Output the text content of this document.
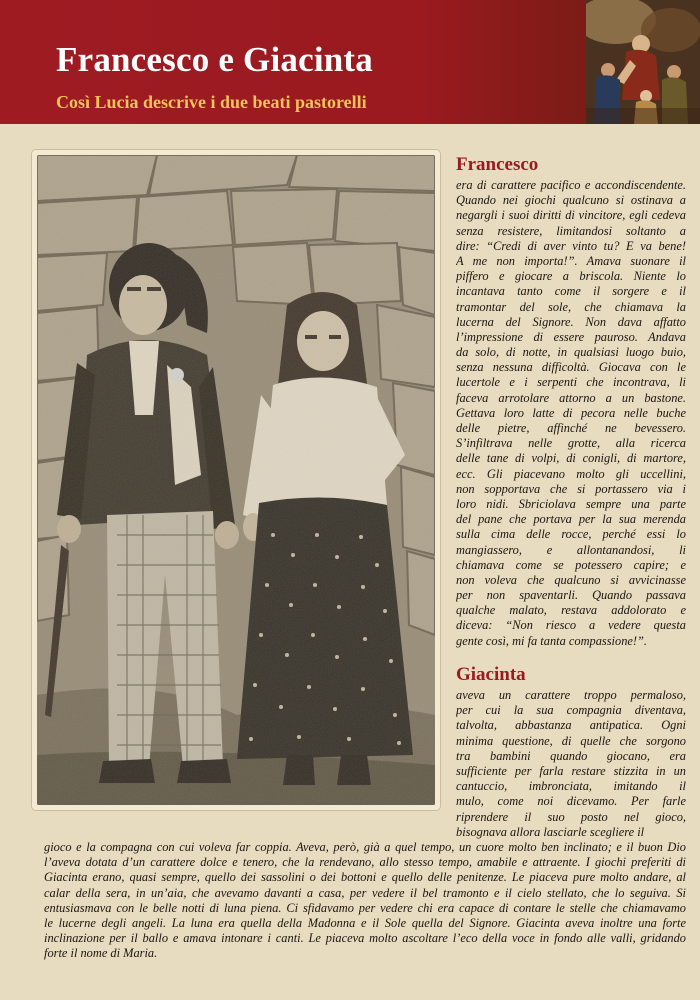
Francesco e Giacinta
Così Lucia descrive i due beati pastorelli
Francesco
era di carattere pacifico e accondiscendente.
Quando nei giochi qualcuno si ostinava a
negargli i suoi diritti di vincitore, egli cedeva
senza resistere, limitandosi soltanto a
dire: “Credi di aver vinto tu? E va bene!
A me non importa!”. Amava suonare il
piffero e giocare a briscola. Niente lo
incantava tanto come il sorgere e il
tramontar del sole, che chiamava la
lucerna del Signore. Non dava affatto
l’impressione di essere pauroso. Andava
da solo, di notte, in qualsiasi luogo buio,
senza nessuna difficoltà. Giocava con le
lucertole e i serpenti che incontrava, li
faceva arrotolare attorno a un bastone.
Gettava loro latte di pecora nelle buche
delle pietre, affinché ne bevessero.
S’infiltrava nelle grotte, alla ricerca
delle tane di volpi, di conigli, di martore,
ecc. Gli piacevano molto gli uccellini,
non sopportava che si portassero via i
loro nidi. Sbriciolava sempre una parte
del pane che portava per la sua merenda
sulla cima delle rocce, perché essi lo
mangiassero, e allontanandosi, li
chiamava come se potessero capire; e
non voleva che qualcuno si avvicinasse
per non spaventarli. Quando passava
qualche malato, restava addolorato e
diceva: “Non riesco a vedere questa
gente così, mi fa tanta compassione!”.
Giacinta
aveva un carattere troppo permaloso,
per cui la sua compagnia diventava,
talvolta, abbastanza antipatica. Ogni
minima questione, di quelle che sorgono
tra bambini quando giocano, era
sufficiente per farla restare stizzita in un
cantuccio, imbronciata, imitando il
mulo, come noi dicevamo. Per farle
riprendere il suo posto nel gioco,
bisognava allora lasciarle scegliere il
gioco e la compagna con cui voleva far coppia. Aveva, però, già a quel tempo, un cuore molto ben inclinato; e il buon Dio
l’aveva dotata d’un carattere dolce e tenero, che la rendevano, allo stesso tempo, amabile e attraente. I giochi preferiti di
Giacinta erano, quasi sempre, quello dei sassolini o dei bottoni e quello delle penitenze. Le piaceva pure molto andare, al
calar della sera, in un’aia, che avevamo davanti a casa, per vedere il bel tramonto e il cielo stellato, che lo seguiva. Si
entusiasmava con le belle notti di luna piena. Ci sfidavamo per vedere chi era capace di contare le stelle che chiamavamo
le lucerne degli angeli. La luna era quella della Madonna e il Sole quella del Signore. Giacinta aveva inoltre una forte
inclinazione per il ballo e amava intonare i canti. Le piaceva molto ascoltare l’eco della voce in fondo alle valli, gridando
forte il nome di Maria.
